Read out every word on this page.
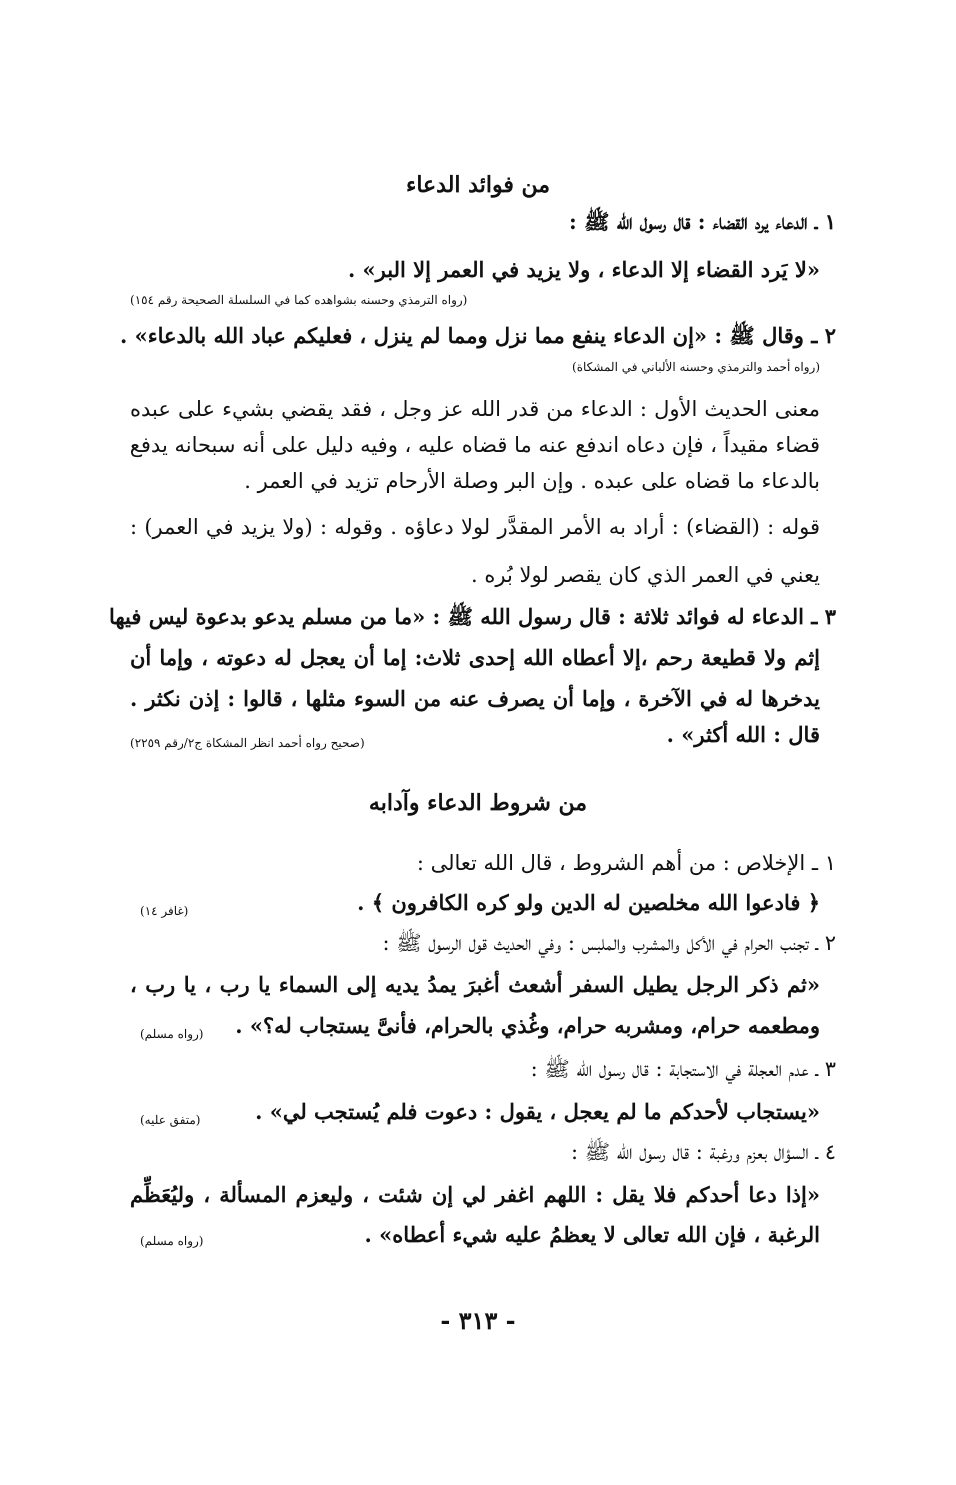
من فوائد الدعاء
١ ـ الدعاء يرد القضاء : قال رسول الله ﷺ :
«لا يَرد القضاء إلا الدعاء ، ولا يزيد في العمر إلا البر» .
(رواه الترمذي وحسنه بشواهده كما في السلسلة الصحيحة رقم ١٥٤)
٢ ـ وقال ﷺ : «إن الدعاء ينفع مما نزل ومما لم ينزل ، فعليكم عباد الله بالدعاء» .
(رواه أحمد والترمذي وحسنه الألباني في المشكاة)
معنى الحديث الأول : الدعاء من قدر الله عز وجل ، فقد يقضي بشيء على عبده
قضاء مقيداً ، فإن دعاه اندفع عنه ما قضاه عليه ، وفيه دليل على أنه سبحانه يدفع
بالدعاء ما قضاه على عبده . وإن البر وصلة الأرحام تزيد في العمر .
قوله : (القضاء) : أراد به الأمر المقدَّر لولا دعاؤه . وقوله : (ولا يزيد في العمر) :
يعني في العمر الذي كان يقصر لولا بُره .
٣ ـ الدعاء له فوائد ثلاثة : قال رسول الله ﷺ : «ما من مسلم يدعو بدعوة ليس فيها
إثم ولا قطيعة رحم ،إلا أعطاه الله إحدى ثلاث: إما أن يعجل له دعوته ، وإما أن
يدخرها له في الآخرة ، وإما أن يصرف عنه من السوء مثلها ، قالوا : إذن نكثر .
قال : الله أكثر» .
(صحيح رواه أحمد انظر المشكاة ج٢/رقم ٢٢٥٩)
من شروط الدعاء وآدابه
١ ـ الإخلاص : من أهم الشروط ، قال الله تعالى :
﴿ فادعوا الله مخلصين له الدين ولو كره الكافرون ﴾ .
(غافر ١٤)
٢ ـ تجنب الحرام في الأكل والمشرب والملبس : وفي الحديث قول الرسول ﷺ :
«ثم ذكر الرجل يطيل السفر أشعث أغبرَ يمدُ يديه إلى السماء يا رب ، يا رب ،
ومطعمه حرام، ومشربه حرام، وغُذي بالحرام، فأنىَّ يستجاب له؟» .
(رواه مسلم)
٣ ـ عدم العجلة في الاستجابة : قال رسول الله ﷺ :
«يستجاب لأحدكم ما لم يعجل ، يقول : دعوت فلم يُستجب لي» .
(متفق عليه)
٤ ـ السؤال بعزم ورغبة : قال رسول الله ﷺ :
«إذا دعا أحدكم فلا يقل : اللهم اغفر لي إن شئت ، وليعزم المسألة ، وليُعَظِّم
الرغبة ، فإن الله تعالى لا يعظمُ عليه شيء أعطاه» .
(رواه مسلم)
- ٣١٣ -
